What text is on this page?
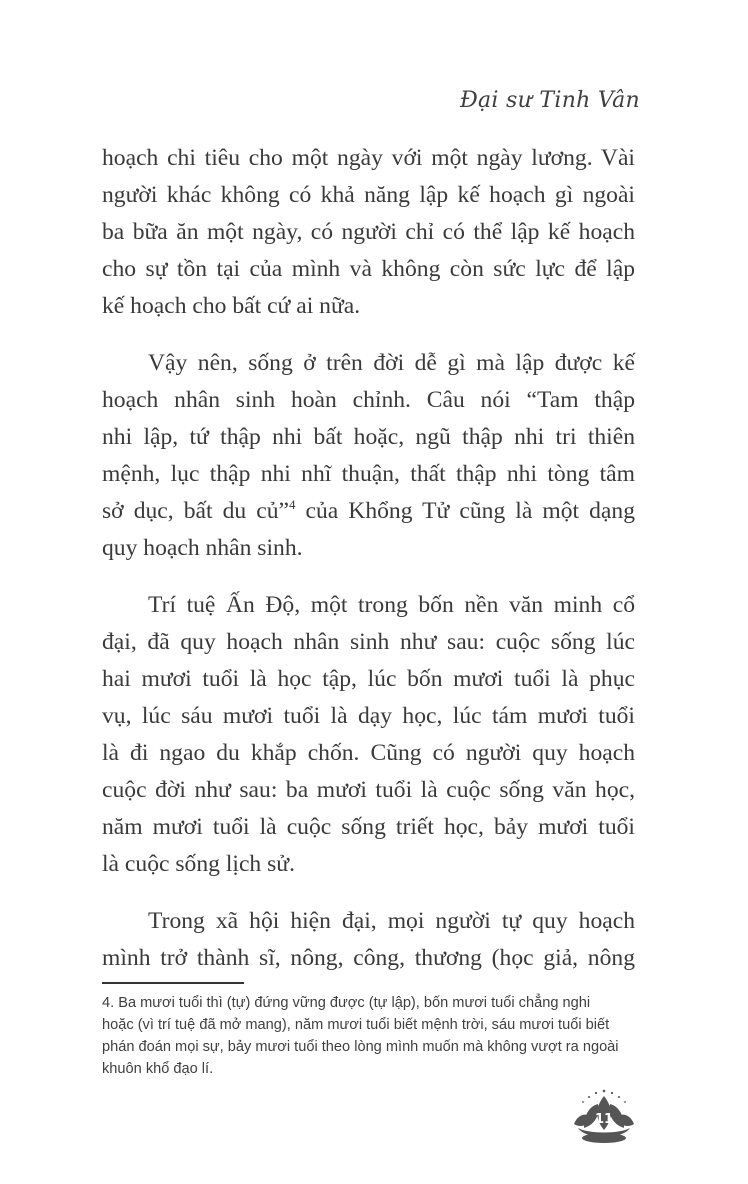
Đại sư Tinh Vân

hoạch chi tiêu cho một ngày với một ngày lương. Vài
người khác không có khả năng lập kế hoạch gì ngoài
ba bữa ăn một ngày, có người chỉ có thể lập kế hoạch
cho sự tồn tại của mình và không còn sức lực để lập
kế hoạch cho bất cứ ai nữa.

Vậy nên, sống ở trên đời dễ gì mà lập được kế
hoạch nhân sinh hoàn chỉnh. Câu nói “Tam thập
nhi lập, tứ thập nhi bất hoặc, ngũ thập nhi tri thiên
mệnh, lục thập nhi nhĩ thuận, thất thập nhi tòng tâm
sở dục, bất du củ”$^4$ của Khổng Tử cũng là một dạng
quy hoạch nhân sinh.

Trí tuệ Ấn Độ, một trong bốn nền văn minh cổ
đại, đã quy hoạch nhân sinh như sau: cuộc sống lúc
hai mươi tuổi là học tập, lúc bốn mươi tuổi là phục
vụ, lúc sáu mươi tuổi là dạy học, lúc tám mươi tuổi
là đi ngao du khắp chốn. Cũng có người quy hoạch
cuộc đời như sau: ba mươi tuổi là cuộc sống văn học,
năm mươi tuổi là cuộc sống triết học, bảy mươi tuổi
là cuộc sống lịch sử.

Trong xã hội hiện đại, mọi người tự quy hoạch
mình trở thành sĩ, nông, công, thương (học giả, nông

4. Ba mươi tuổi thì (tự) đứng vững được (tự lập), bốn mươi tuổi chẳng nghi
hoặc (vì trí tuệ đã mở mang), năm mươi tuổi biết mệnh trời, sáu mươi tuổi biết
phán đoán mọi sự, bảy mươi tuổi theo lòng mình muốn mà không vượt ra ngoài
khuôn khổ đạo lí.
11
